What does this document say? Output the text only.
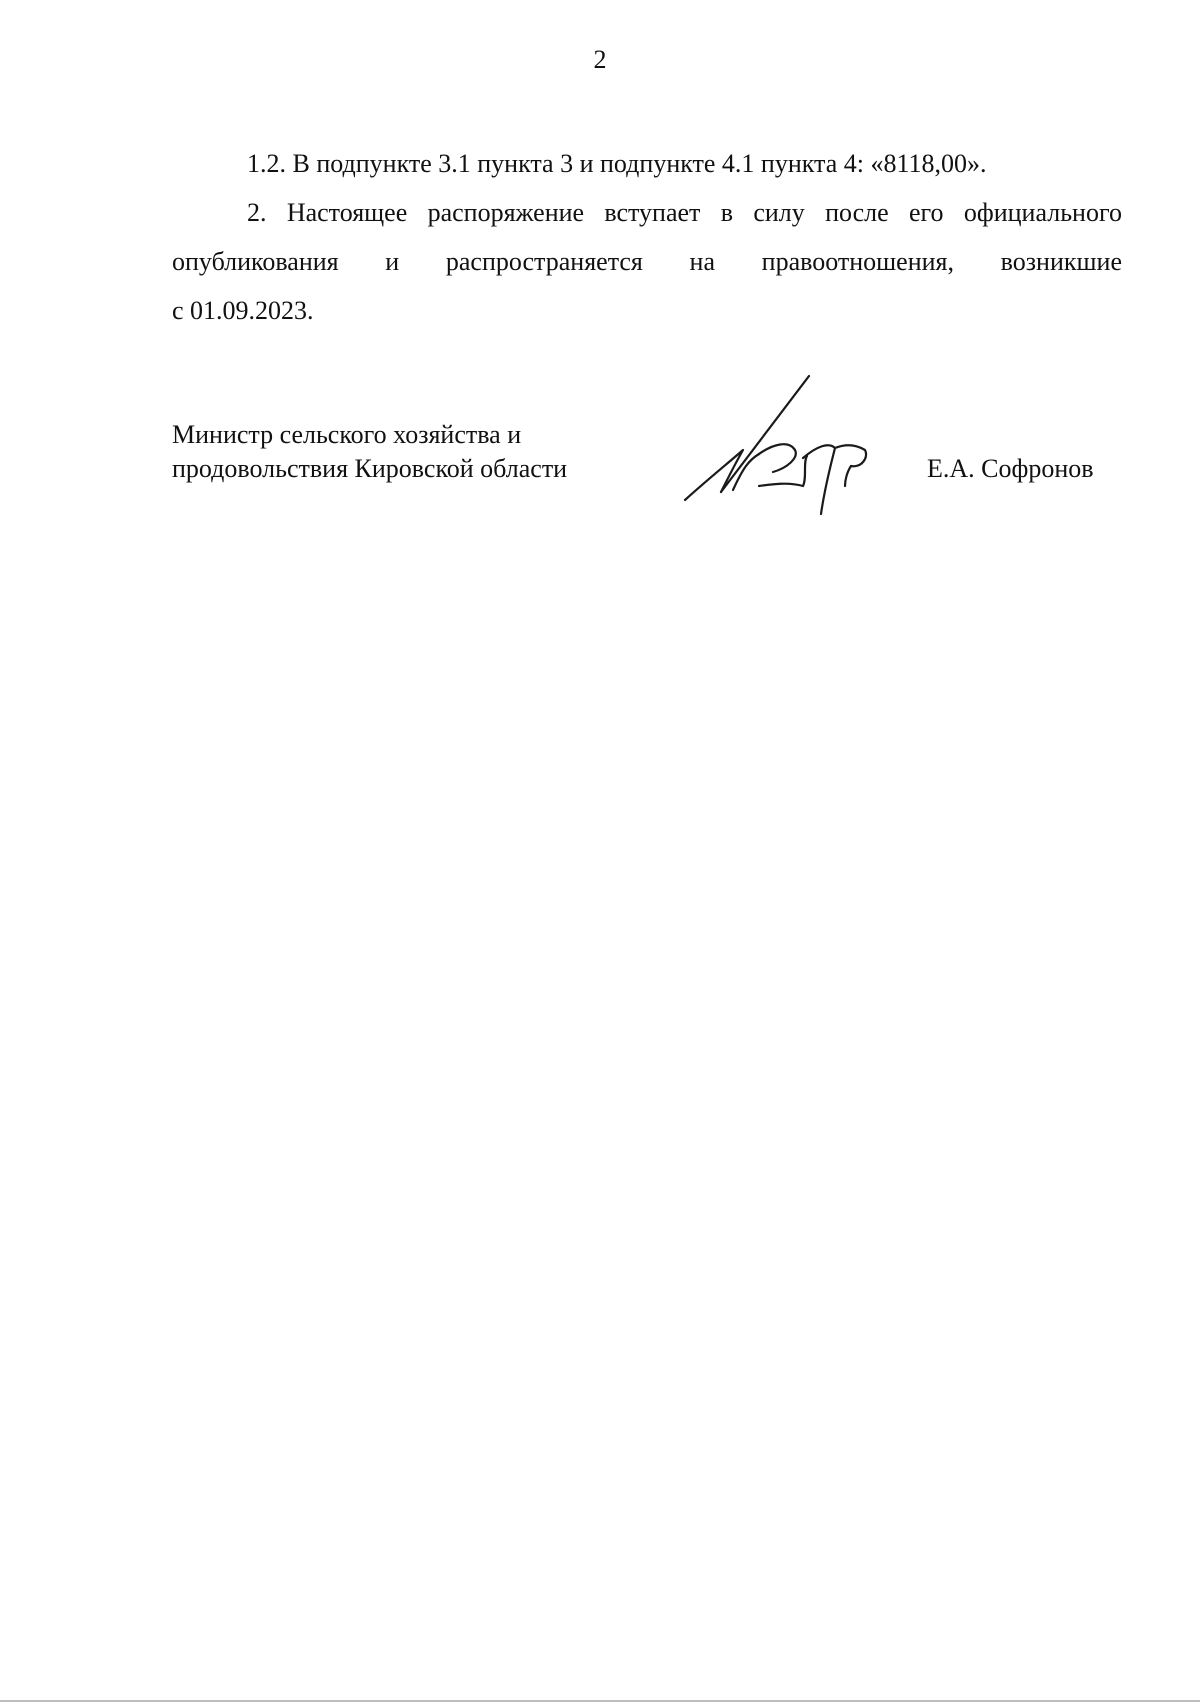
2

1.2. В подпункте 3.1 пункта 3 и подпункте 4.1 пункта 4: «8118,00».

2. Настоящее распоряжение вступает в силу после его официального
опубликования и распространяется на правоотношения, возникшие
с 01.09.2023.

Министр сельского хозяйства и
продовольствия Кировской области	Е.А. Софронов
